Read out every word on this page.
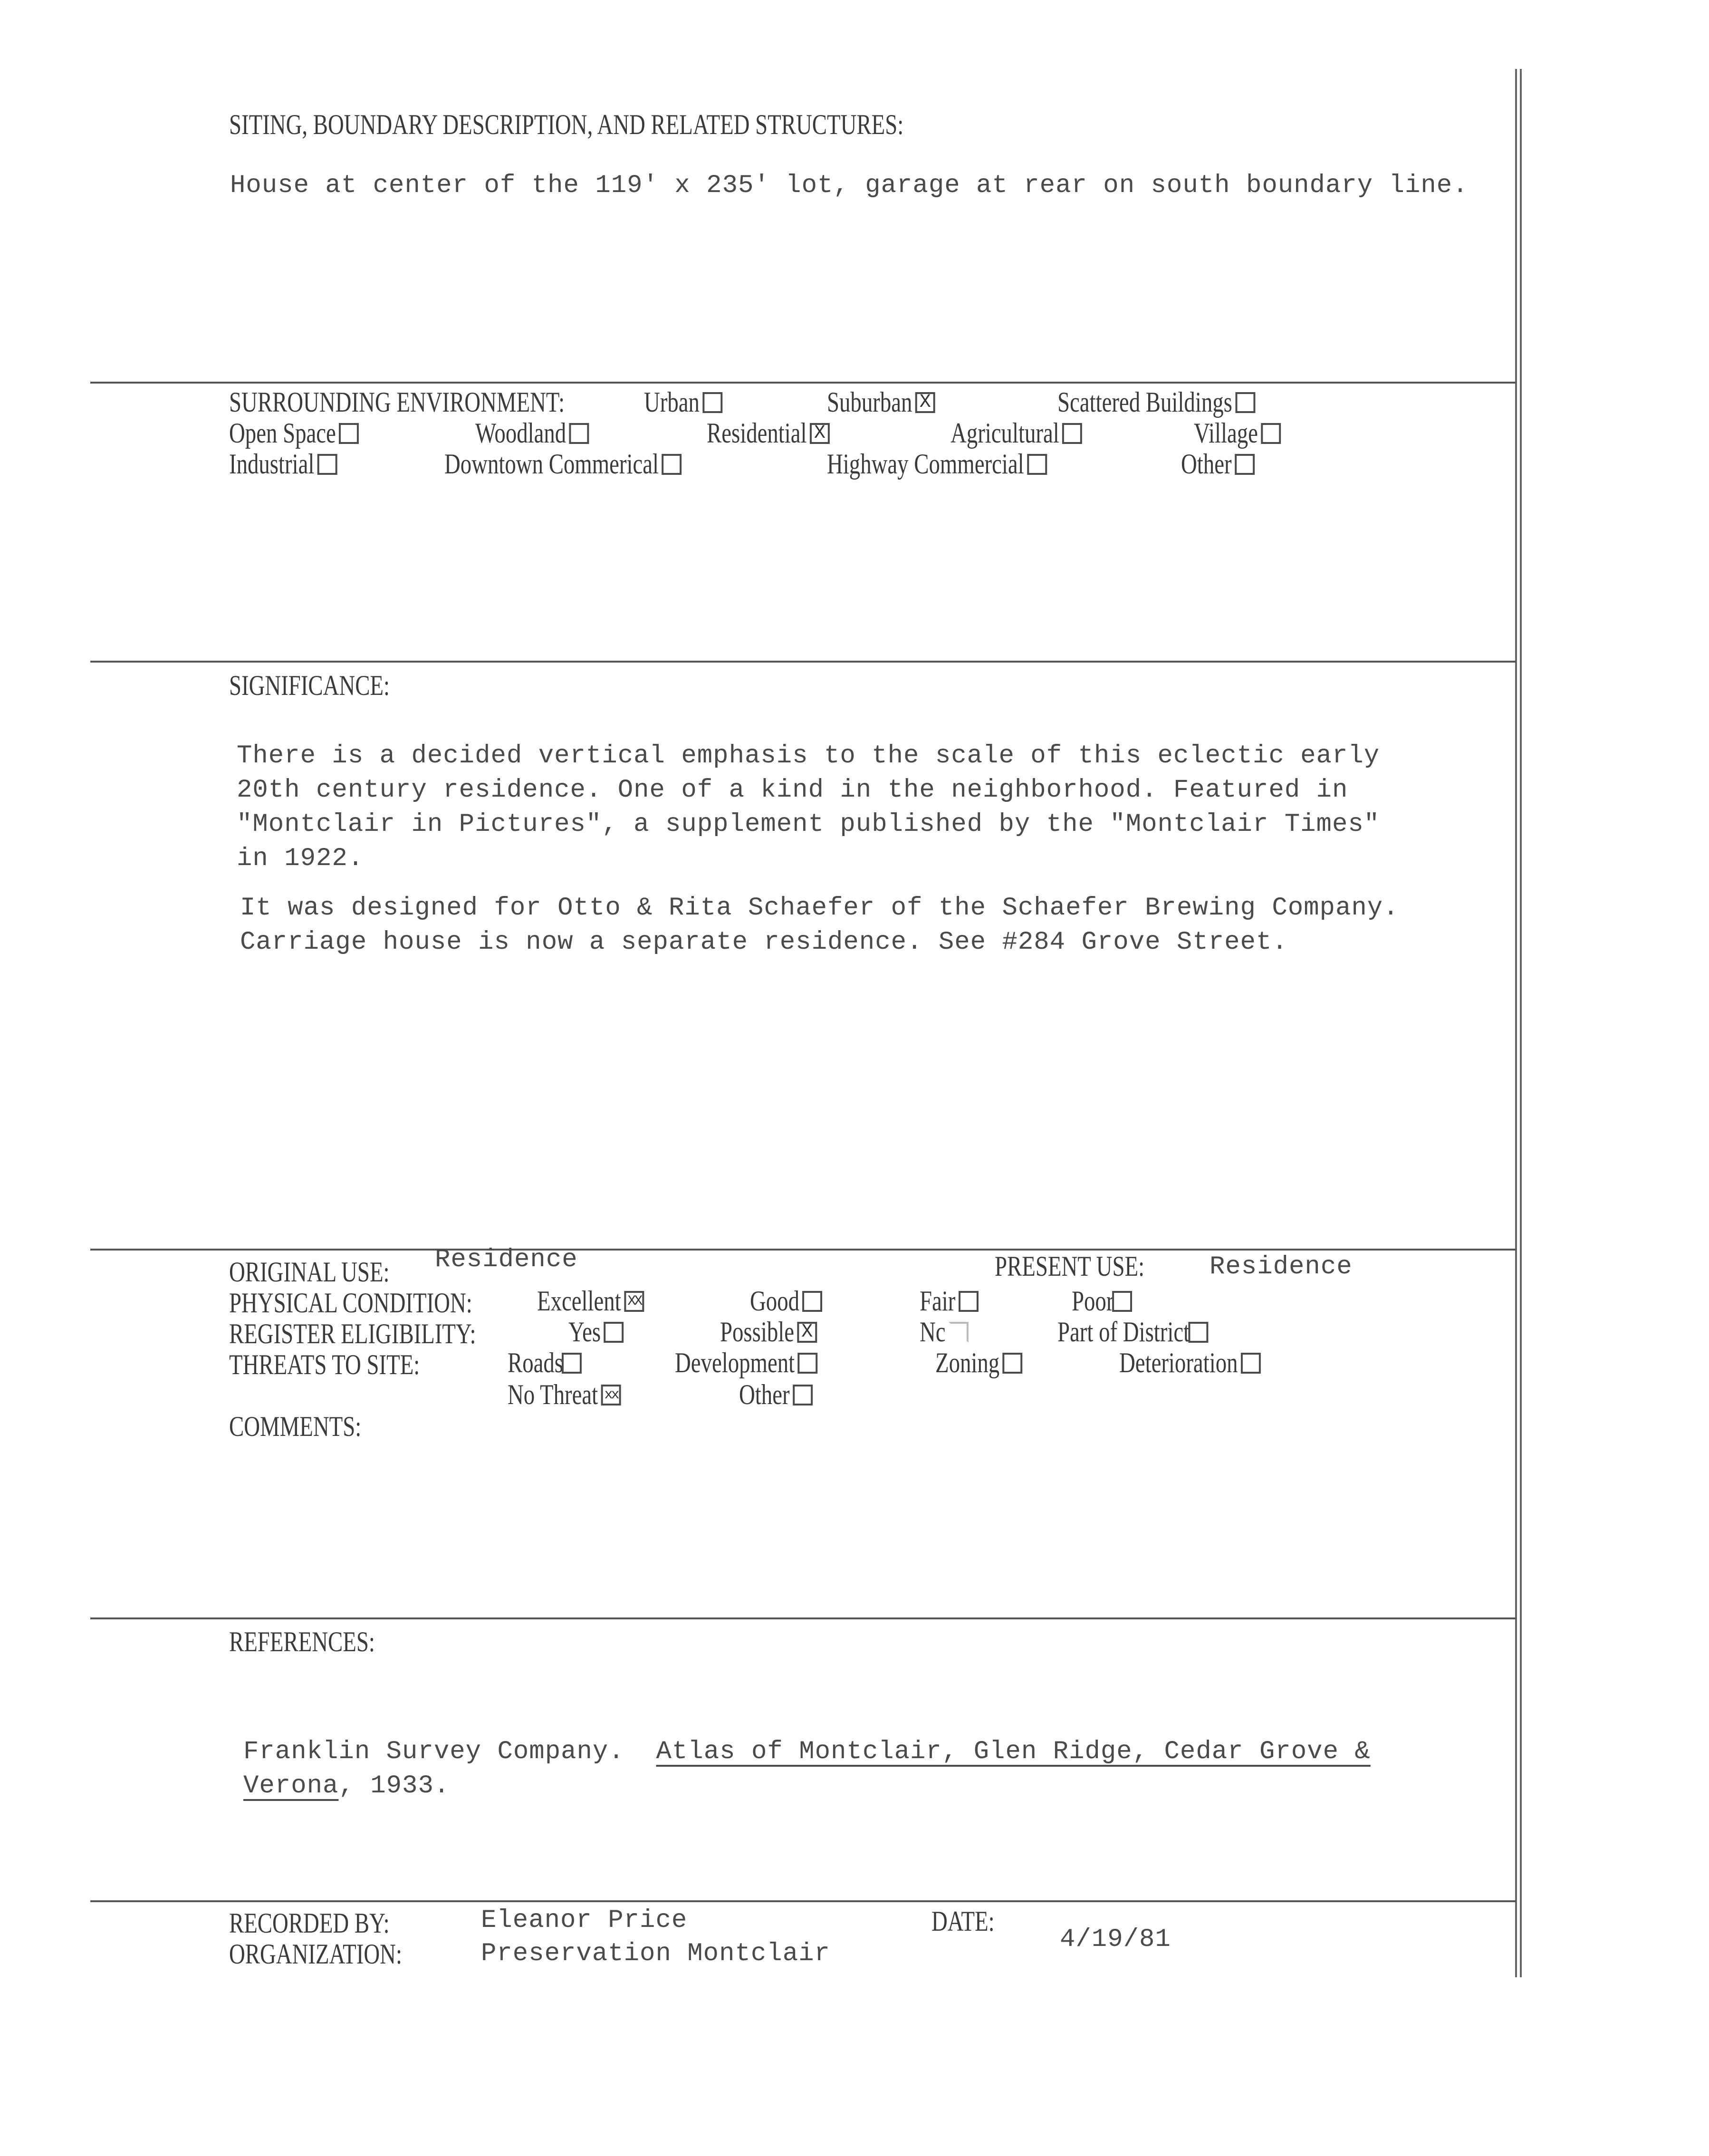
SITING, BOUNDARY DESCRIPTION, AND RELATED STRUCTURES:
House at center of the 119' x 235' lot, garage at rear on south boundary line.
SURROUNDING ENVIRONMENT:	Urban	Suburban X	Scattered Buildings
Open Space	Woodland	Residential X	Agricultural	Village
Industrial	Downtown Commerical	Highway Commercial	Other
SIGNIFICANCE:
There is a decided vertical emphasis to the scale of this eclectic early
20th century residence. One of a kind in the neighborhood. Featured in
"Montclair in Pictures", a supplement published by the "Montclair Times"
in 1922.
It was designed for Otto & Rita Schaefer of the Schaefer Brewing Company.
Carriage house is now a separate residence. See #284 Grove Street.
ORIGINAL USE: Residence	PRESENT USE:	Residence
PHYSICAL CONDITION: Excellent XX	Good	Fair	Poor
REGISTER ELIGIBILITY:	Yes	Possible X	Nc	Part of District
THREATS TO SITE:	Roads	Development	Zoning	Deterioration
No Threat xx	Other
COMMENTS:
REFERENCES:
Franklin Survey Company. Atlas of Montclair, Glen Ridge, Cedar Grove &
Verona, 1933.
RECORDED BY:	Eleanor Price
ORGANIZATION:	Preservation Montclair
DATE:
4/19/81
